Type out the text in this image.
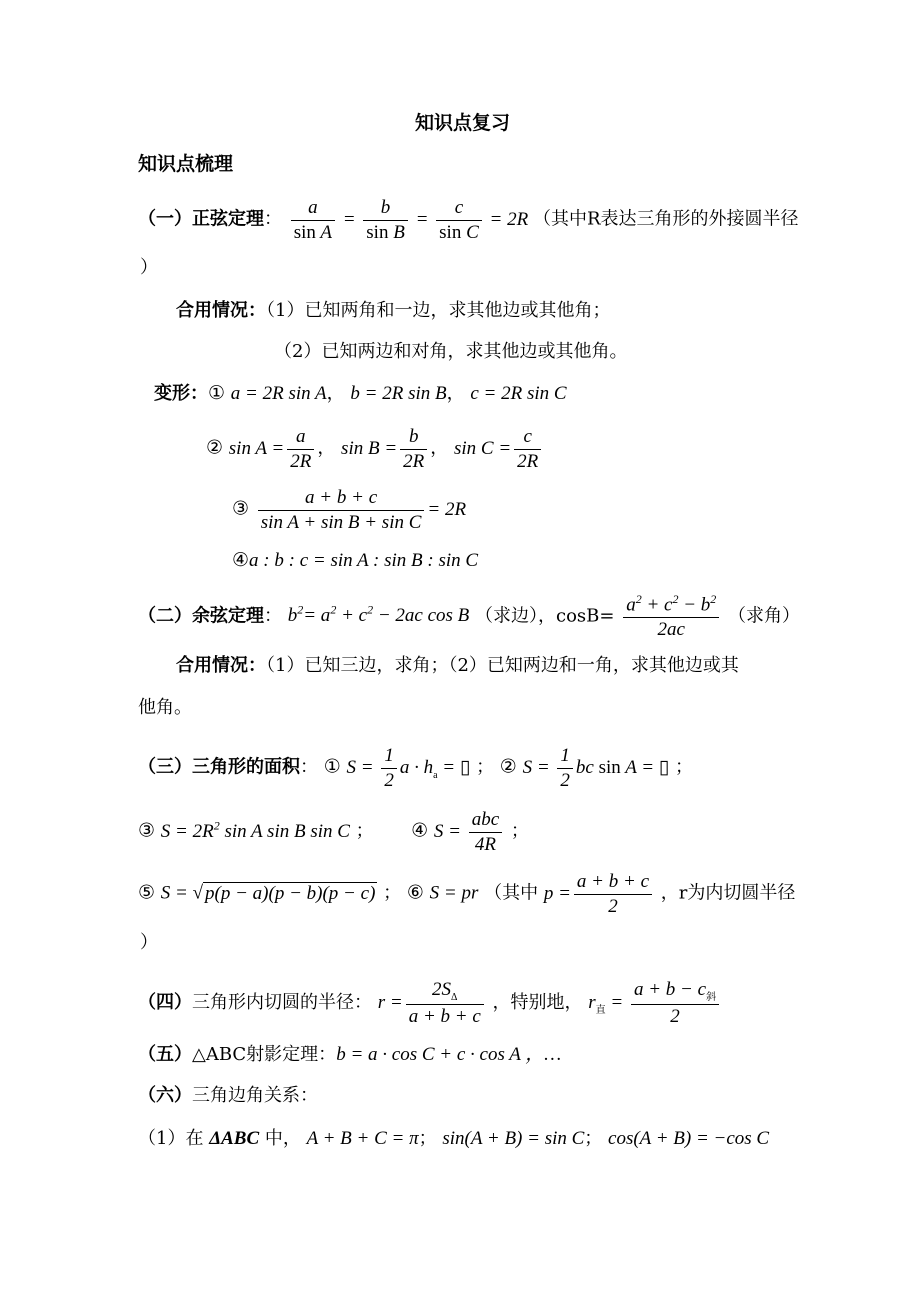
知识点复习
知识点梳理
（一）正弦定理： $\frac{a}{\text{sin A}} = \frac{b}{\text{sin B}} = \frac{c}{\text{sin C}} = 2R$ （其中R表达三角形的外接圆半径
）
合用情况：（1）已知两角和一边，求其他边或其他角；
（2）已知两边和对角，求其他边或其他角。
变形：① a = 2R sin A， b = 2R sin B， c = 2R sin C
② $\sin A = \frac{a}{2R}$ ， $\sin B = \frac{b}{2R}$ ， $\sin C = \frac{c}{2R}$
③ $\frac{a + b + c}{\text{sin A + sin B + sin C}} = 2R$
④a : b : c = sin A : sin B : sin C
（二）余弦定理： $b^2= a^2 + c^2 - 2ac$ cos B （求边），$\cos B= \frac{a^2 + c^2 - b^2}{2ac}$ （求角）
合用情况：（1）已知三边，求角；（2）已知两边和一角，求其他边或其
他角。
（三）三角形的面积： ① $S = \frac{1}{2}$ $a \cdot h_a$ = ▯ ； ② $S = \frac{1}{2}$ bc sin A = ▯ ；
③ $S = 2R^2$ sin A sin B sin C ； ④ $S = \frac{\text{abc}}{4R}$ ；
⑤ S = √ p(p − a)(p − b)(p − c) ； ⑥ S = pr （其中 $p = \frac{a + b + c}{2}$ ，r为内切圆半径
）
（四）三角形内切圆的半径： $r = \frac{2S_\Delta}{a + b + c}$ ，特别地， $r_直 = \frac{a + b - c_斜}{2}$
（五）△ABC射影定理：b = a · cos C + c · cos A ，…
（六）三角边角关系：
（1）在 ΔABC 中， A + B + C = π； sin(A + B) = sin C； cos(A + B) = −cos C
